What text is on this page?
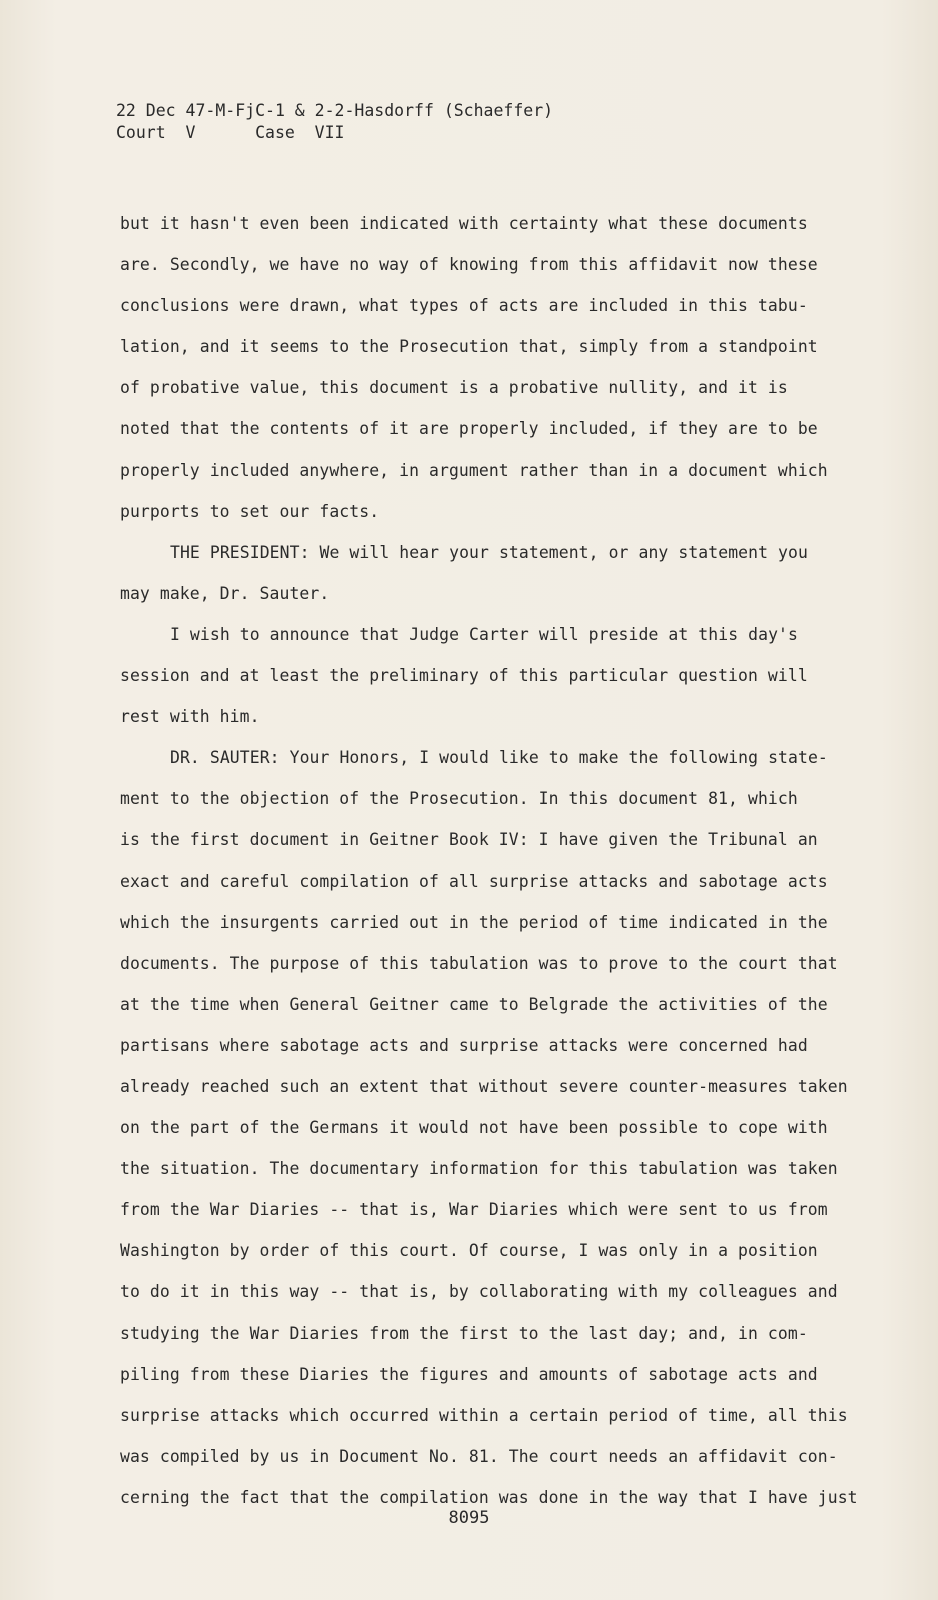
22 Dec 47-M-FjC-1 & 2-2-Hasdorff (Schaeffer)
Court  V      Case  VII
but it hasn't even been indicated with certainty what these documents
are. Secondly, we have no way of knowing from this affidavit now these
conclusions were drawn, what types of acts are included in this tabu-
lation, and it seems to the Prosecution that, simply from a standpoint
of probative value, this document is a probative nullity, and it is
noted that the contents of it are properly included, if they are to be
properly included anywhere, in argument rather than in a document which
purports to set our facts.
THE PRESIDENT: We will hear your statement, or any statement you
may make, Dr. Sauter.
I wish to announce that Judge Carter will preside at this day's
session and at least the preliminary of this particular question will
rest with him.
DR. SAUTER: Your Honors, I would like to make the following state-
ment to the objection of the Prosecution. In this document 81, which
is the first document in Geitner Book IV: I have given the Tribunal an
exact and careful compilation of all surprise attacks and sabotage acts
which the insurgents carried out in the period of time indicated in the
documents. The purpose of this tabulation was to prove to the court that
at the time when General Geitner came to Belgrade the activities of the
partisans where sabotage acts and surprise attacks were concerned had
already reached such an extent that without severe counter-measures taken
on the part of the Germans it would not have been possible to cope with
the situation. The documentary information for this tabulation was taken
from the War Diaries -- that is, War Diaries which were sent to us from
Washington by order of this court. Of course, I was only in a position
to do it in this way -- that is, by collaborating with my colleagues and
studying the War Diaries from the first to the last day; and, in com-
piling from these Diaries the figures and amounts of sabotage acts and
surprise attacks which occurred within a certain period of time, all this
was compiled by us in Document No. 81. The court needs an affidavit con-
cerning the fact that the compilation was done in the way that I have just
8095
